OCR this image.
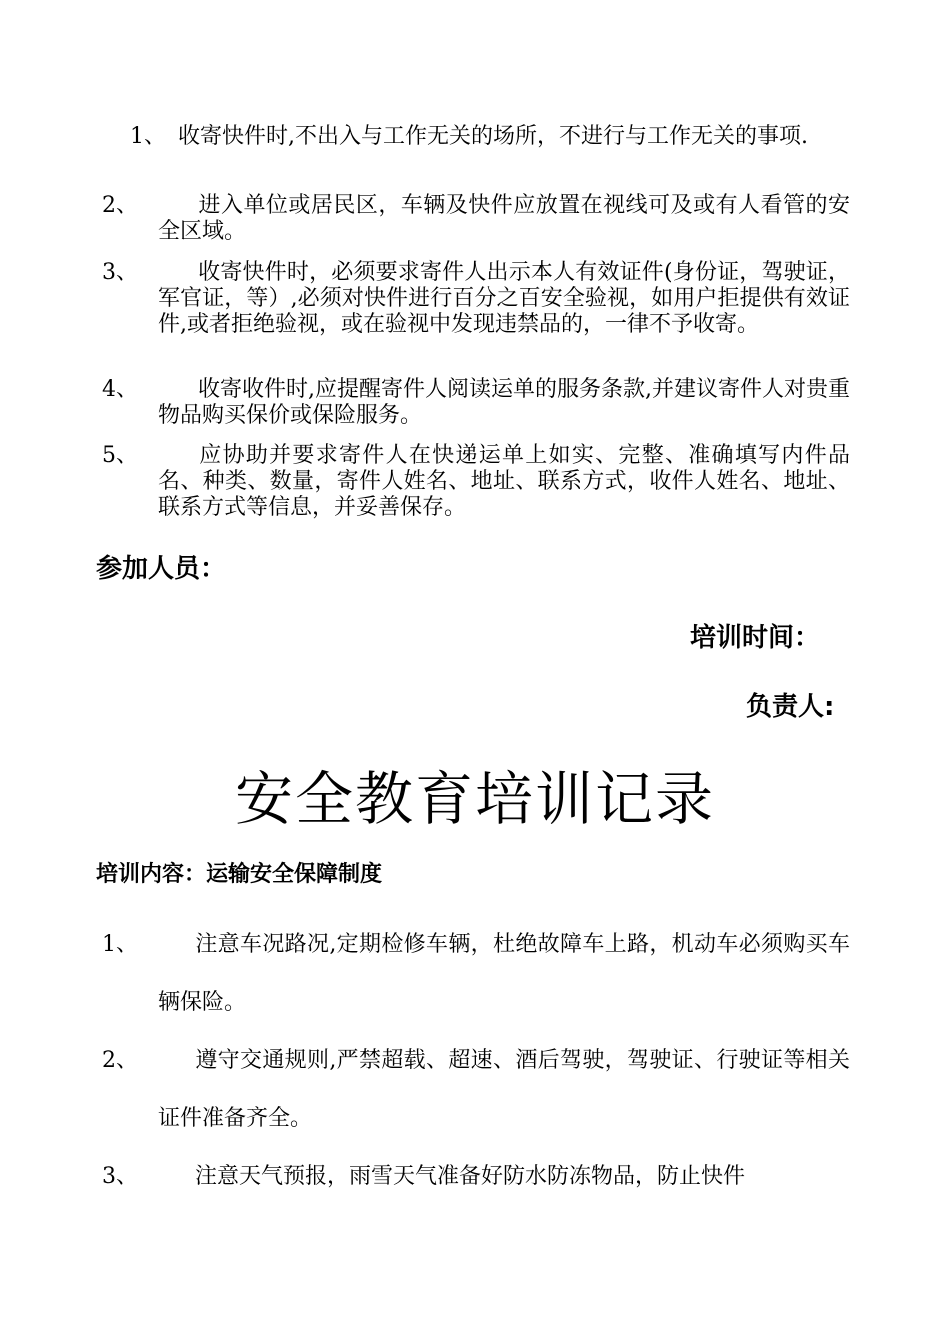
1、 收寄快件时,不出入与工作无关的场所，不进行与工作无关的事项.
2、	进入单位或居民区，车辆及快件应放置在视线可及或有人看管的安全区域。
3、	收寄快件时，必须要求寄件人出示本人有效证件(身份证，驾驶证，军官证，等）,必须对快件进行百分之百安全验视，如用户拒提供有效证件,或者拒绝验视，或在验视中发现违禁品的，一律不予收寄。
4、	收寄收件时,应提醒寄件人阅读运单的服务条款,并建议寄件人对贵重物品购买保价或保险服务。
5、	应协助并要求寄件人在快递运单上如实、完整、准确填写内件品名、种类、数量，寄件人姓名、地址、联系方式，收件人姓名、地址、联系方式等信息，并妥善保存。
参加人员：
培训时间：
负责人:
安全教育培训记录
培训内容：运输安全保障制度
1、	注意车况路况,定期检修车辆，杜绝故障车上路，机动车必须购买车辆保险。
2、	遵守交通规则,严禁超载、超速、酒后驾驶，驾驶证、行驶证等相关证件准备齐全。
3、	注意天气预报，雨雪天气准备好防水防冻物品，防止快件
